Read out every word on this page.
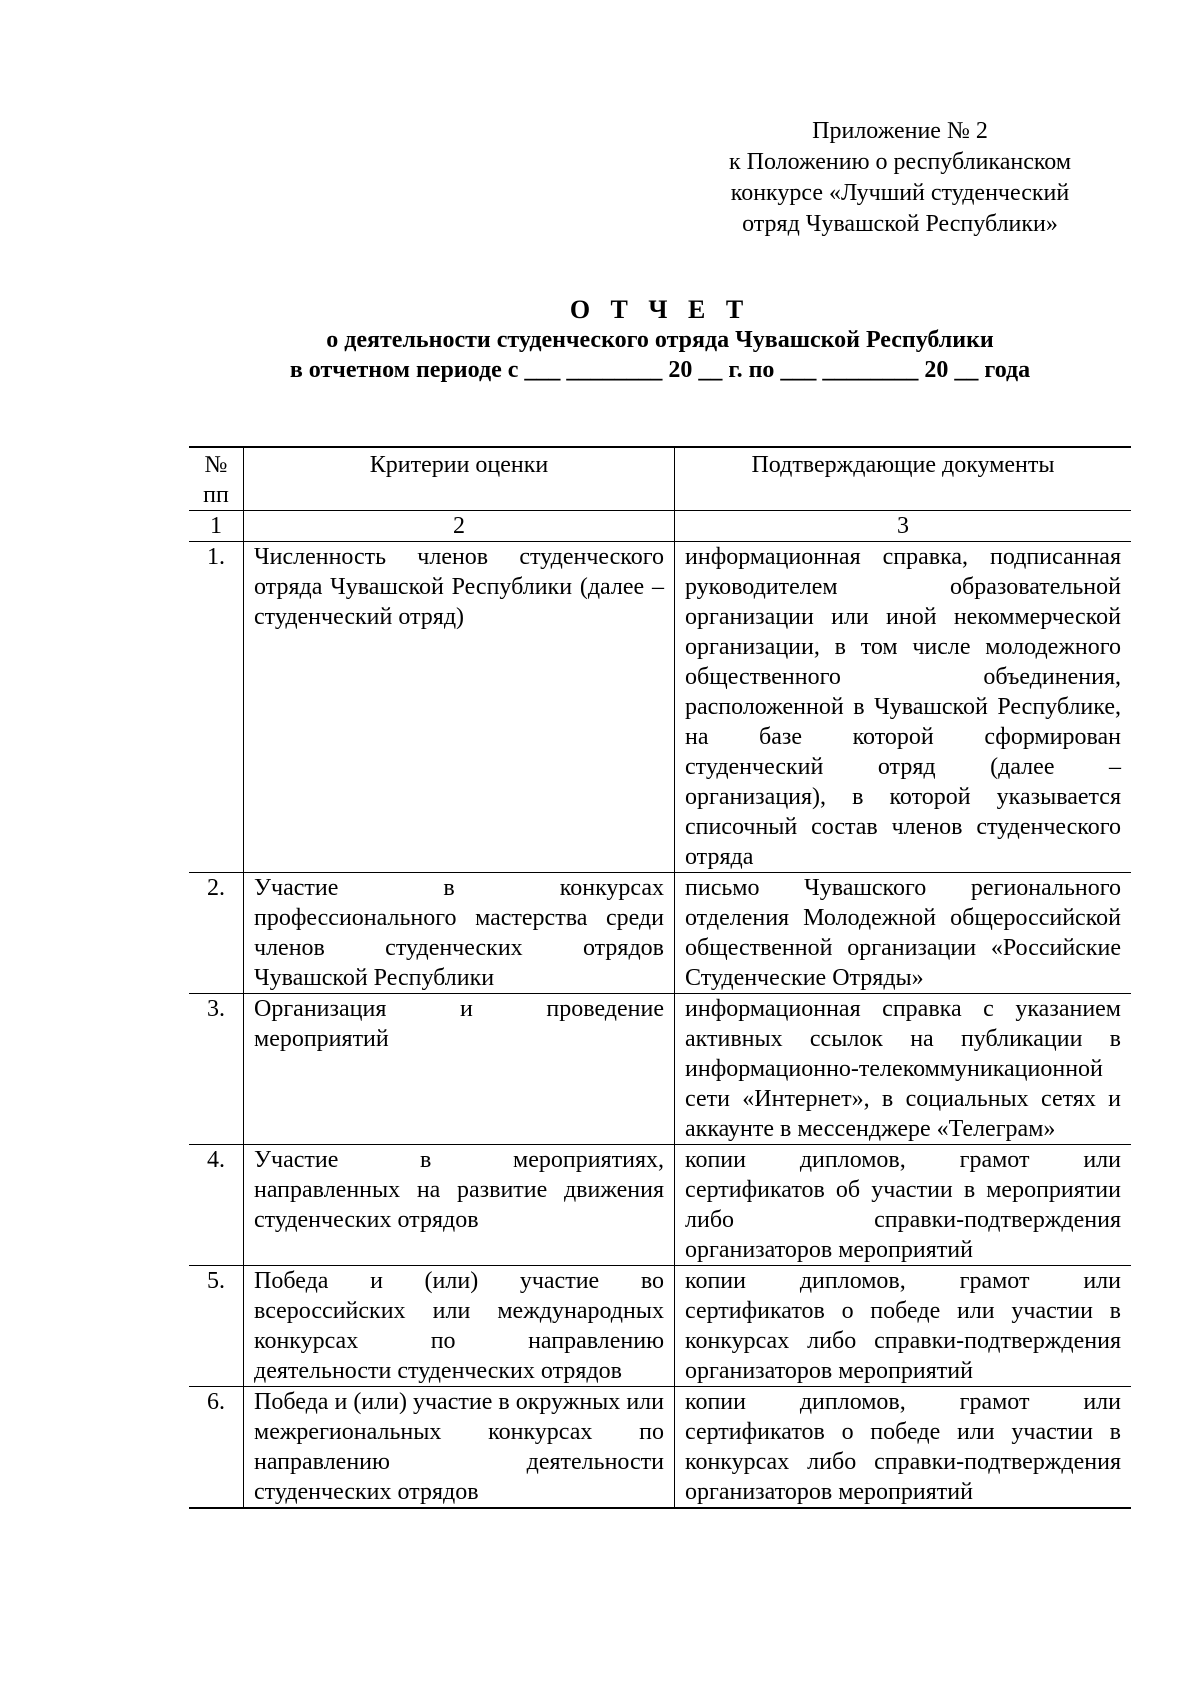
Приложение № 2
к Положению о республиканском
конкурсе «Лучший студенческий
отряд Чувашской Республики»
О Т Ч Е Т
о деятельности студенческого отряда Чувашской Республики
в отчетном периоде с ___ ________ 20 __ г. по ___ ________ 20 __ года
№ пп	Критерии оценки	Подтверждающие документы
1	2	3
1.	Численность членов студенческого отряда Чувашской Республики (далее – студенческий отряд)	информационная справка, подписанная руководителем образовательной организации или иной некоммерческой организации, в том числе молодежного общественного объединения, расположенной в Чувашской Республике, на базе которой сформирован студенческий отряд (далее – организация), в которой указывается списочный состав членов студенческого отряда
2.	Участие в конкурсах профессионального мастерства среди членов студенческих отрядов Чувашской Республики	письмо Чувашского регионального отделения Молодежной общероссийской общественной организации «Российские Студенческие Отряды»
3.	Организация и проведение мероприятий	информационная справка с указанием активных ссылок на публикации в информационно-телекоммуникационной сети «Интернет», в социальных сетях и аккаунте в мессенджере «Телеграм»
4.	Участие в мероприятиях, направленных на развитие движения студенческих отрядов	копии дипломов, грамот или сертификатов об участии в мероприятии либо справки-подтверждения организаторов мероприятий
5.	Победа и (или) участие во всероссийских или международных конкурсах по направлению деятельности студенческих отрядов	копии дипломов, грамот или сертификатов о победе или участии в конкурсах либо справки-подтверждения организаторов мероприятий
6.	Победа и (или) участие в окружных или межрегиональных конкурсах по направлению деятельности студенческих отрядов	копии дипломов, грамот или сертификатов о победе или участии в конкурсах либо справки-подтверждения организаторов мероприятий
